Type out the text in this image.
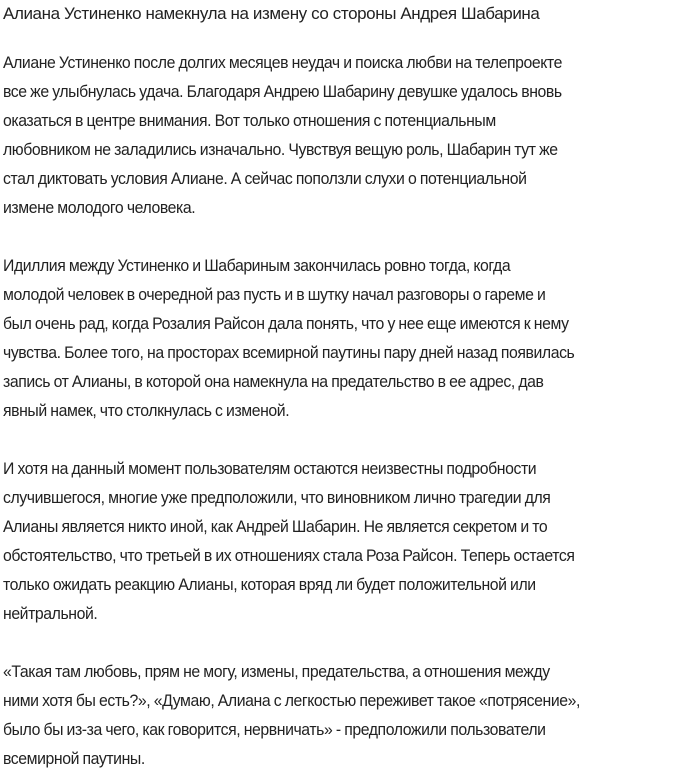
Алиана Устиненко намекнула на измену со стороны Андрея Шабарина

Алиане Устиненко после долгих месяцев неудач и поиска любви на телепроекте
все же улыбнулась удача. Благодаря Андрею Шабарину девушке удалось вновь
оказаться в центре внимания. Вот только отношения с потенциальным
любовником не заладились изначально. Чувствуя вещую роль, Шабарин тут же
стал диктовать условия Алиане. А сейчас поползли слухи о потенциальной
измене молодого человека.

Идиллия между Устиненко и Шабариным закончилась ровно тогда, когда
молодой человек в очередной раз пусть и в шутку начал разговоры о гареме и
был очень рад, когда Розалия Райсон дала понять, что у нее еще имеются к нему
чувства. Более того, на просторах всемирной паутины пару дней назад появилась
запись от Алианы, в которой она намекнула на предательство в ее адрес, дав
явный намек, что столкнулась с изменой.

И хотя на данный момент пользователям остаются неизвестны подробности
случившегося, многие уже предположили, что виновником лично трагедии для
Алианы является никто иной, как Андрей Шабарин. Не является секретом и то
обстоятельство, что третьей в их отношениях стала Роза Райсон. Теперь остается
только ожидать реакцию Алианы, которая вряд ли будет положительной или
нейтральной.

«Такая там любовь, прям не могу, измены, предательства, а отношения между
ними хотя бы есть?», «Думаю, Алиана с легкостью переживет такое «потрясение»,
было бы из-за чего, как говорится, нервничать» - предположили пользователи
всемирной паутины.
